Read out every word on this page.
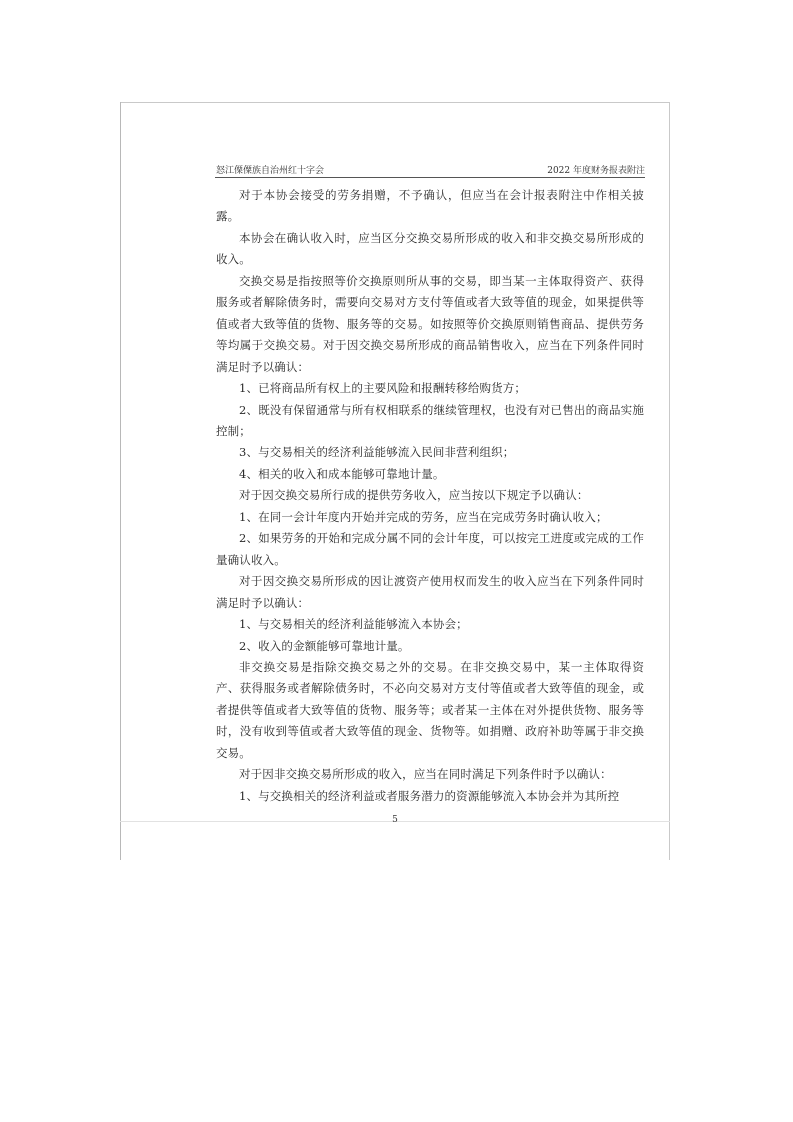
怒江傈僳族自治州红十字会	2022 年度财务报表附注

对于本协会接受的劳务捐赠，不予确认，但应当在会计报表附注中作相关披露。

本协会在确认收入时，应当区分交换交易所形成的收入和非交换交易所形成的收入。

交换交易是指按照等价交换原则所从事的交易，即当某一主体取得资产、获得服务或者解除债务时，需要向交易对方支付等值或者大致等值的现金，如果提供等值或者大致等值的货物、服务等的交易。如按照等价交换原则销售商品、提供劳务等均属于交换交易。对于因交换交易所形成的商品销售收入，应当在下列条件同时满足时予以确认：

1、已将商品所有权上的主要风险和报酬转移给购货方；

2、既没有保留通常与所有权相联系的继续管理权，也没有对已售出的商品实施控制；

3、与交易相关的经济利益能够流入民间非营利组织；

4、相关的收入和成本能够可靠地计量。

对于因交换交易所行成的提供劳务收入，应当按以下规定予以确认：

1、在同一会计年度内开始并完成的劳务，应当在完成劳务时确认收入；

2、如果劳务的开始和完成分属不同的会计年度，可以按完工进度或完成的工作量确认收入。

对于因交换交易所形成的因让渡资产使用权而发生的收入应当在下列条件同时满足时予以确认：

1、与交易相关的经济利益能够流入本协会；

2、收入的金额能够可靠地计量。

非交换交易是指除交换交易之外的交易。在非交换交易中，某一主体取得资产、获得服务或者解除债务时，不必向交易对方支付等值或者大致等值的现金，或者提供等值或者大致等值的货物、服务等；或者某一主体在对外提供货物、服务等时，没有收到等值或者大致等值的现金、货物等。如捐赠、政府补助等属于非交换交易。

对于因非交换交易所形成的收入，应当在同时满足下列条件时予以确认：

1、与交换相关的经济利益或者服务潜力的资源能够流入本协会并为其所控

5
